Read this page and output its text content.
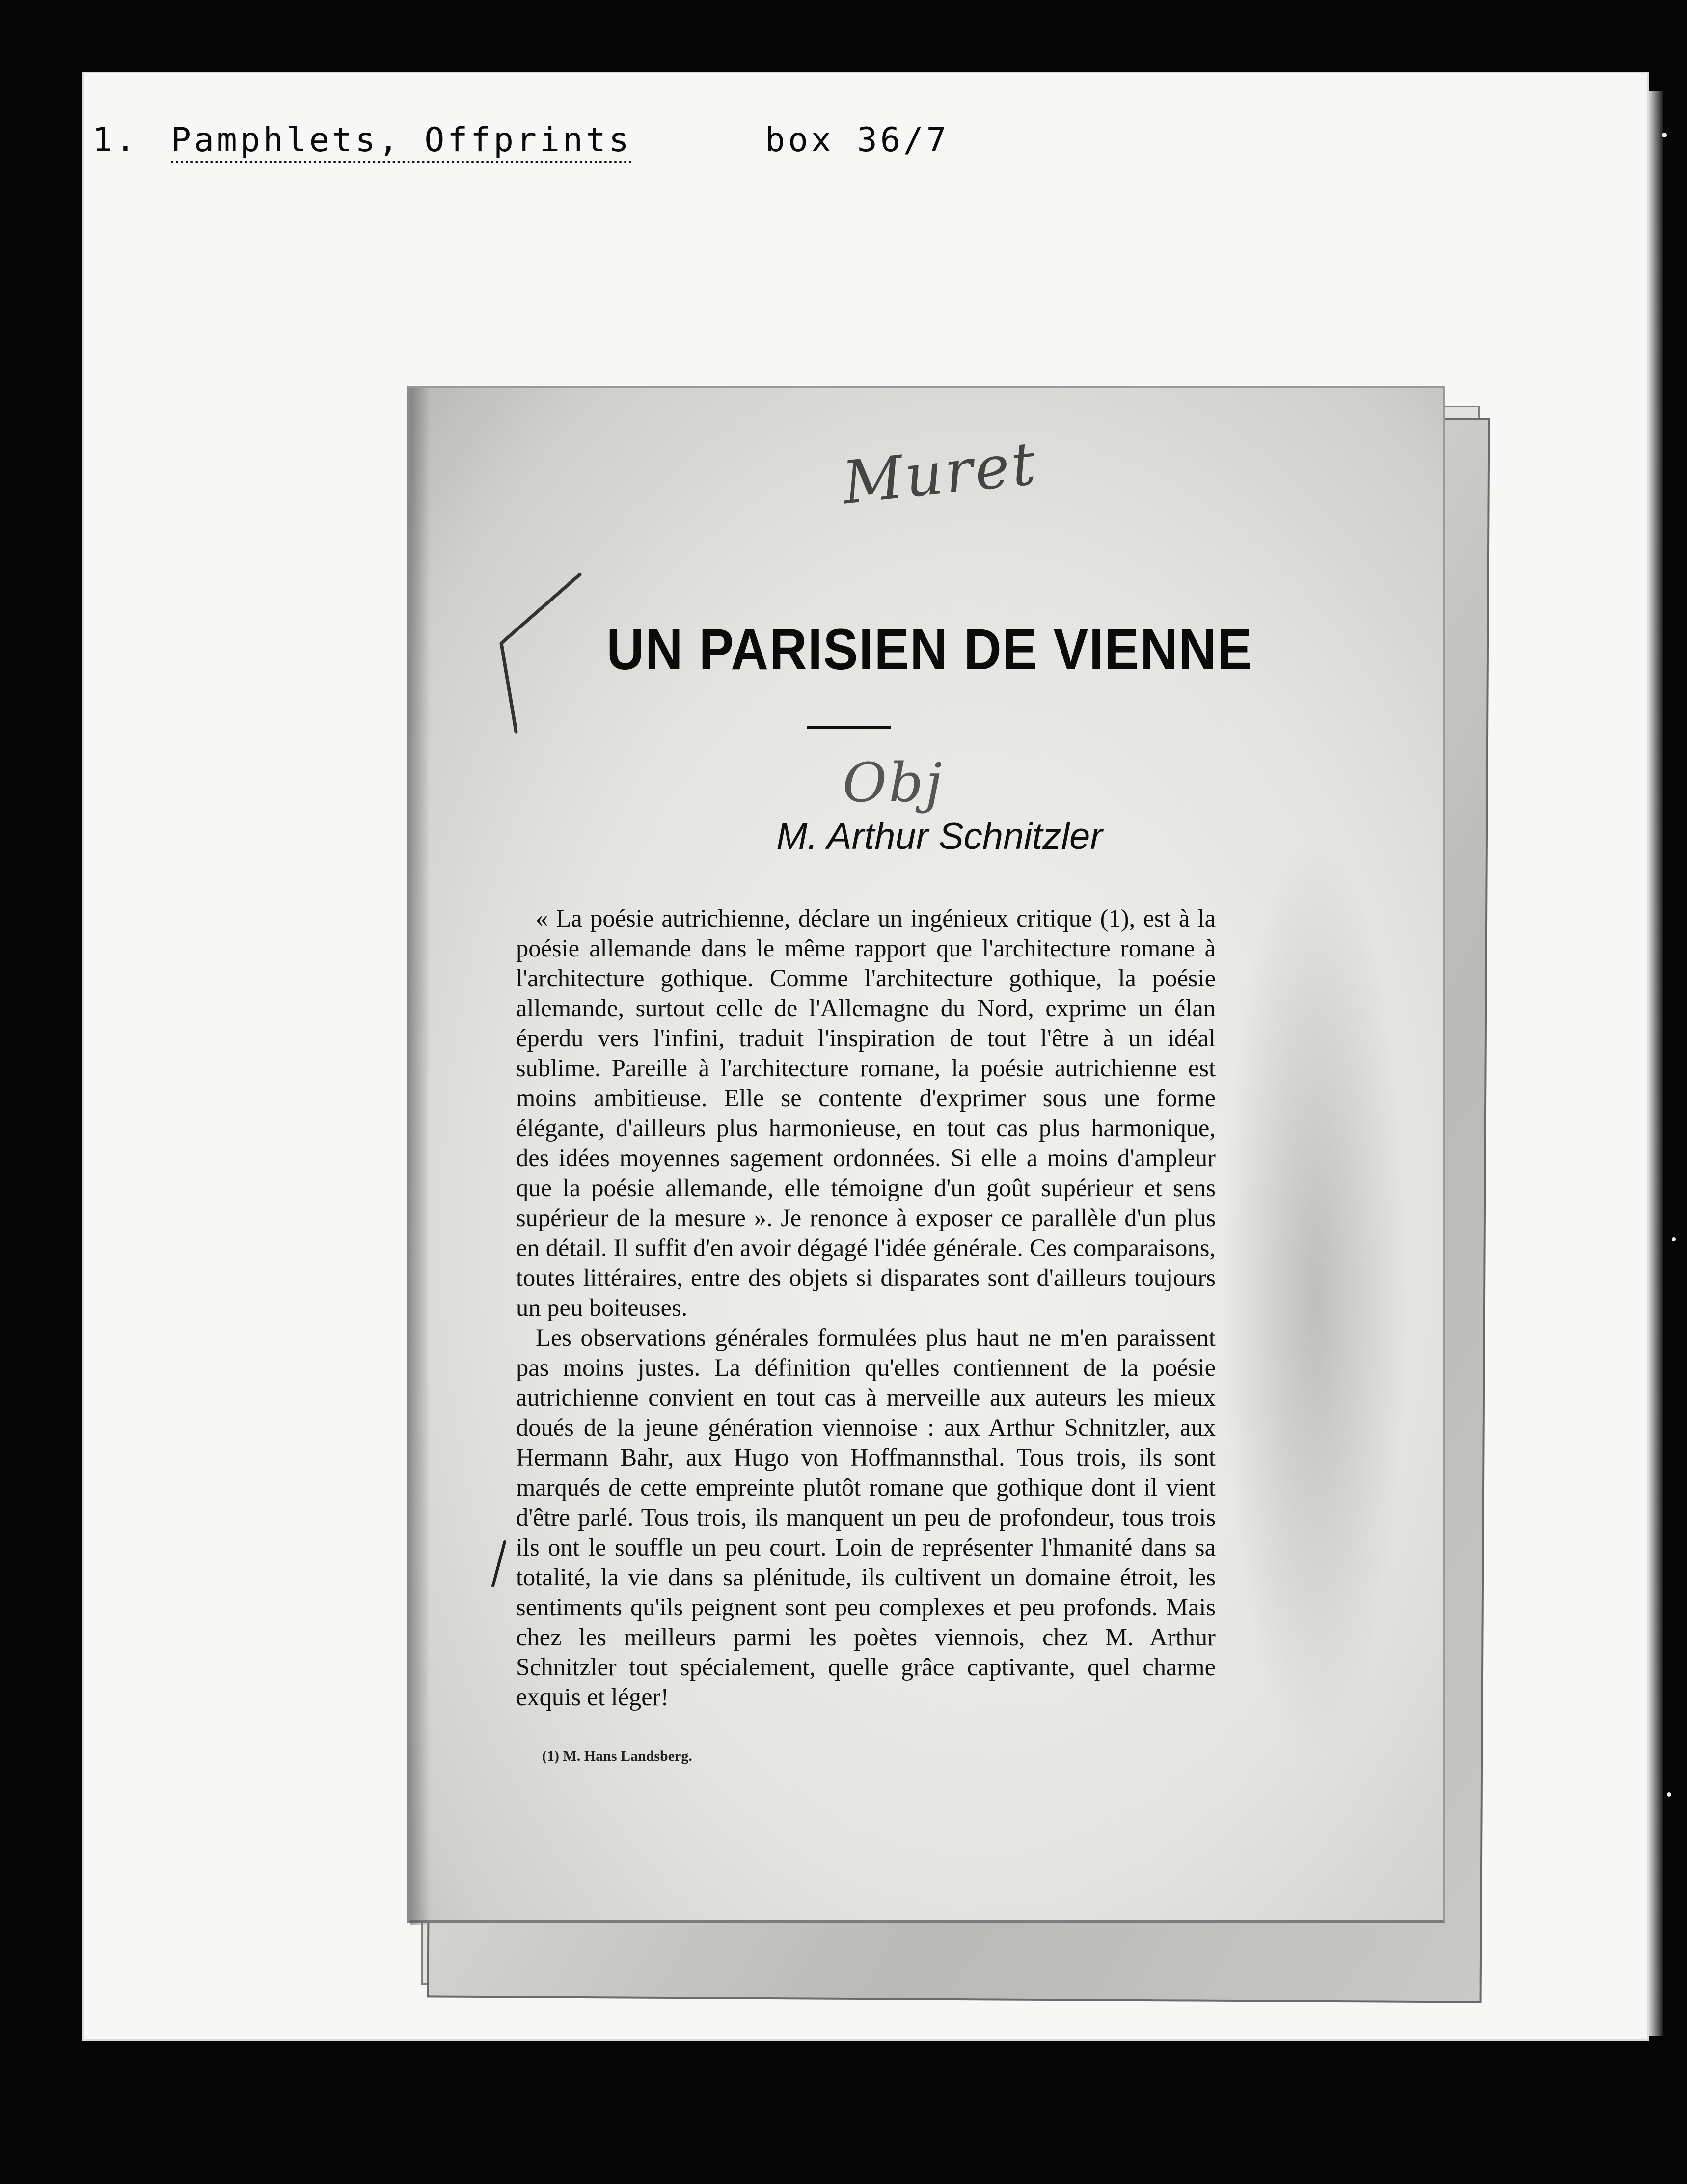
1. Pamphlets, Offprints	box 36/7
Muret
UN PARISIEN DE VIENNE
Obj
M. Arthur Schnitzler

« La poésie autrichienne, déclare un ingénieux critique (1), est à la poésie allemande dans le même rapport que l'architecture romane à l'architecture gothique. Comme l'architecture gothique, la poésie allemande, surtout celle de l'Allemagne du Nord, exprime un élan éperdu vers l'infini, traduit l'inspiration de tout l'être à un idéal sublime. Pareille à l'architecture romane, la poésie autrichienne est moins ambitieuse. Elle se contente d'exprimer sous une forme élégante, d'ailleurs plus harmonieuse, en tout cas plus harmonique, des idées moyennes sagement ordonnées. Si elle a moins d'ampleur que la poésie allemande, elle témoigne d'un goût supérieur et sens supérieur de la mesure ». Je renonce à exposer ce parallèle d'un plus en détail. Il suffit d'en avoir dégagé l'idée générale. Ces comparaisons, toutes littéraires, entre des objets si disparates sont d'ailleurs toujours un peu boiteuses.

Les observations générales formulées plus haut ne m'en paraissent pas moins justes. La définition qu'elles contiennent de la poésie autrichienne convient en tout cas à merveille aux auteurs les mieux doués de la jeune génération viennoise : aux Arthur Schnitzler, aux Hermann Bahr, aux Hugo von Hoffmannsthal. Tous trois, ils sont marqués de cette empreinte plutôt romane que gothique dont il vient d'être parlé. Tous trois, ils manquent un peu de profondeur, tous trois ils ont le souffle un peu court. Loin de représenter l'hmanité dans sa totalité, la vie dans sa plénitude, ils cultivent un domaine étroit, les sentiments qu'ils peignent sont peu complexes et peu profonds. Mais chez les meilleurs parmi les poètes viennois, chez M. Arthur Schnitzler tout spécialement, quelle grâce captivante, quel charme exquis et léger!

(1) M. Hans Landsberg.
